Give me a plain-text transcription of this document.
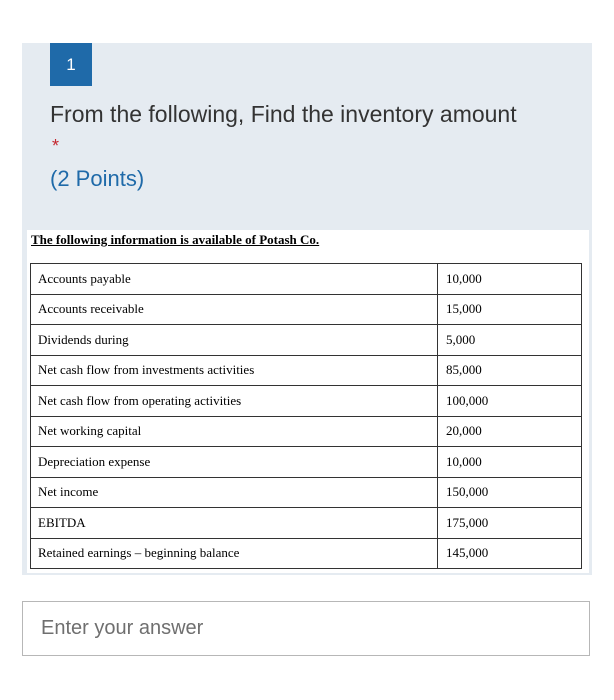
1
From the following, Find the inventory amount
*
(2 Points)
The following information is available of Potash Co.
Accounts payable	10,000
Accounts receivable	15,000
Dividends during	5,000
Net cash flow from investments activities	85,000
Net cash flow from operating activities	100,000
Net working capital	20,000
Depreciation expense	10,000
Net income	150,000
EBITDA	175,000
Retained earnings – beginning balance	145,000
Enter your answer
